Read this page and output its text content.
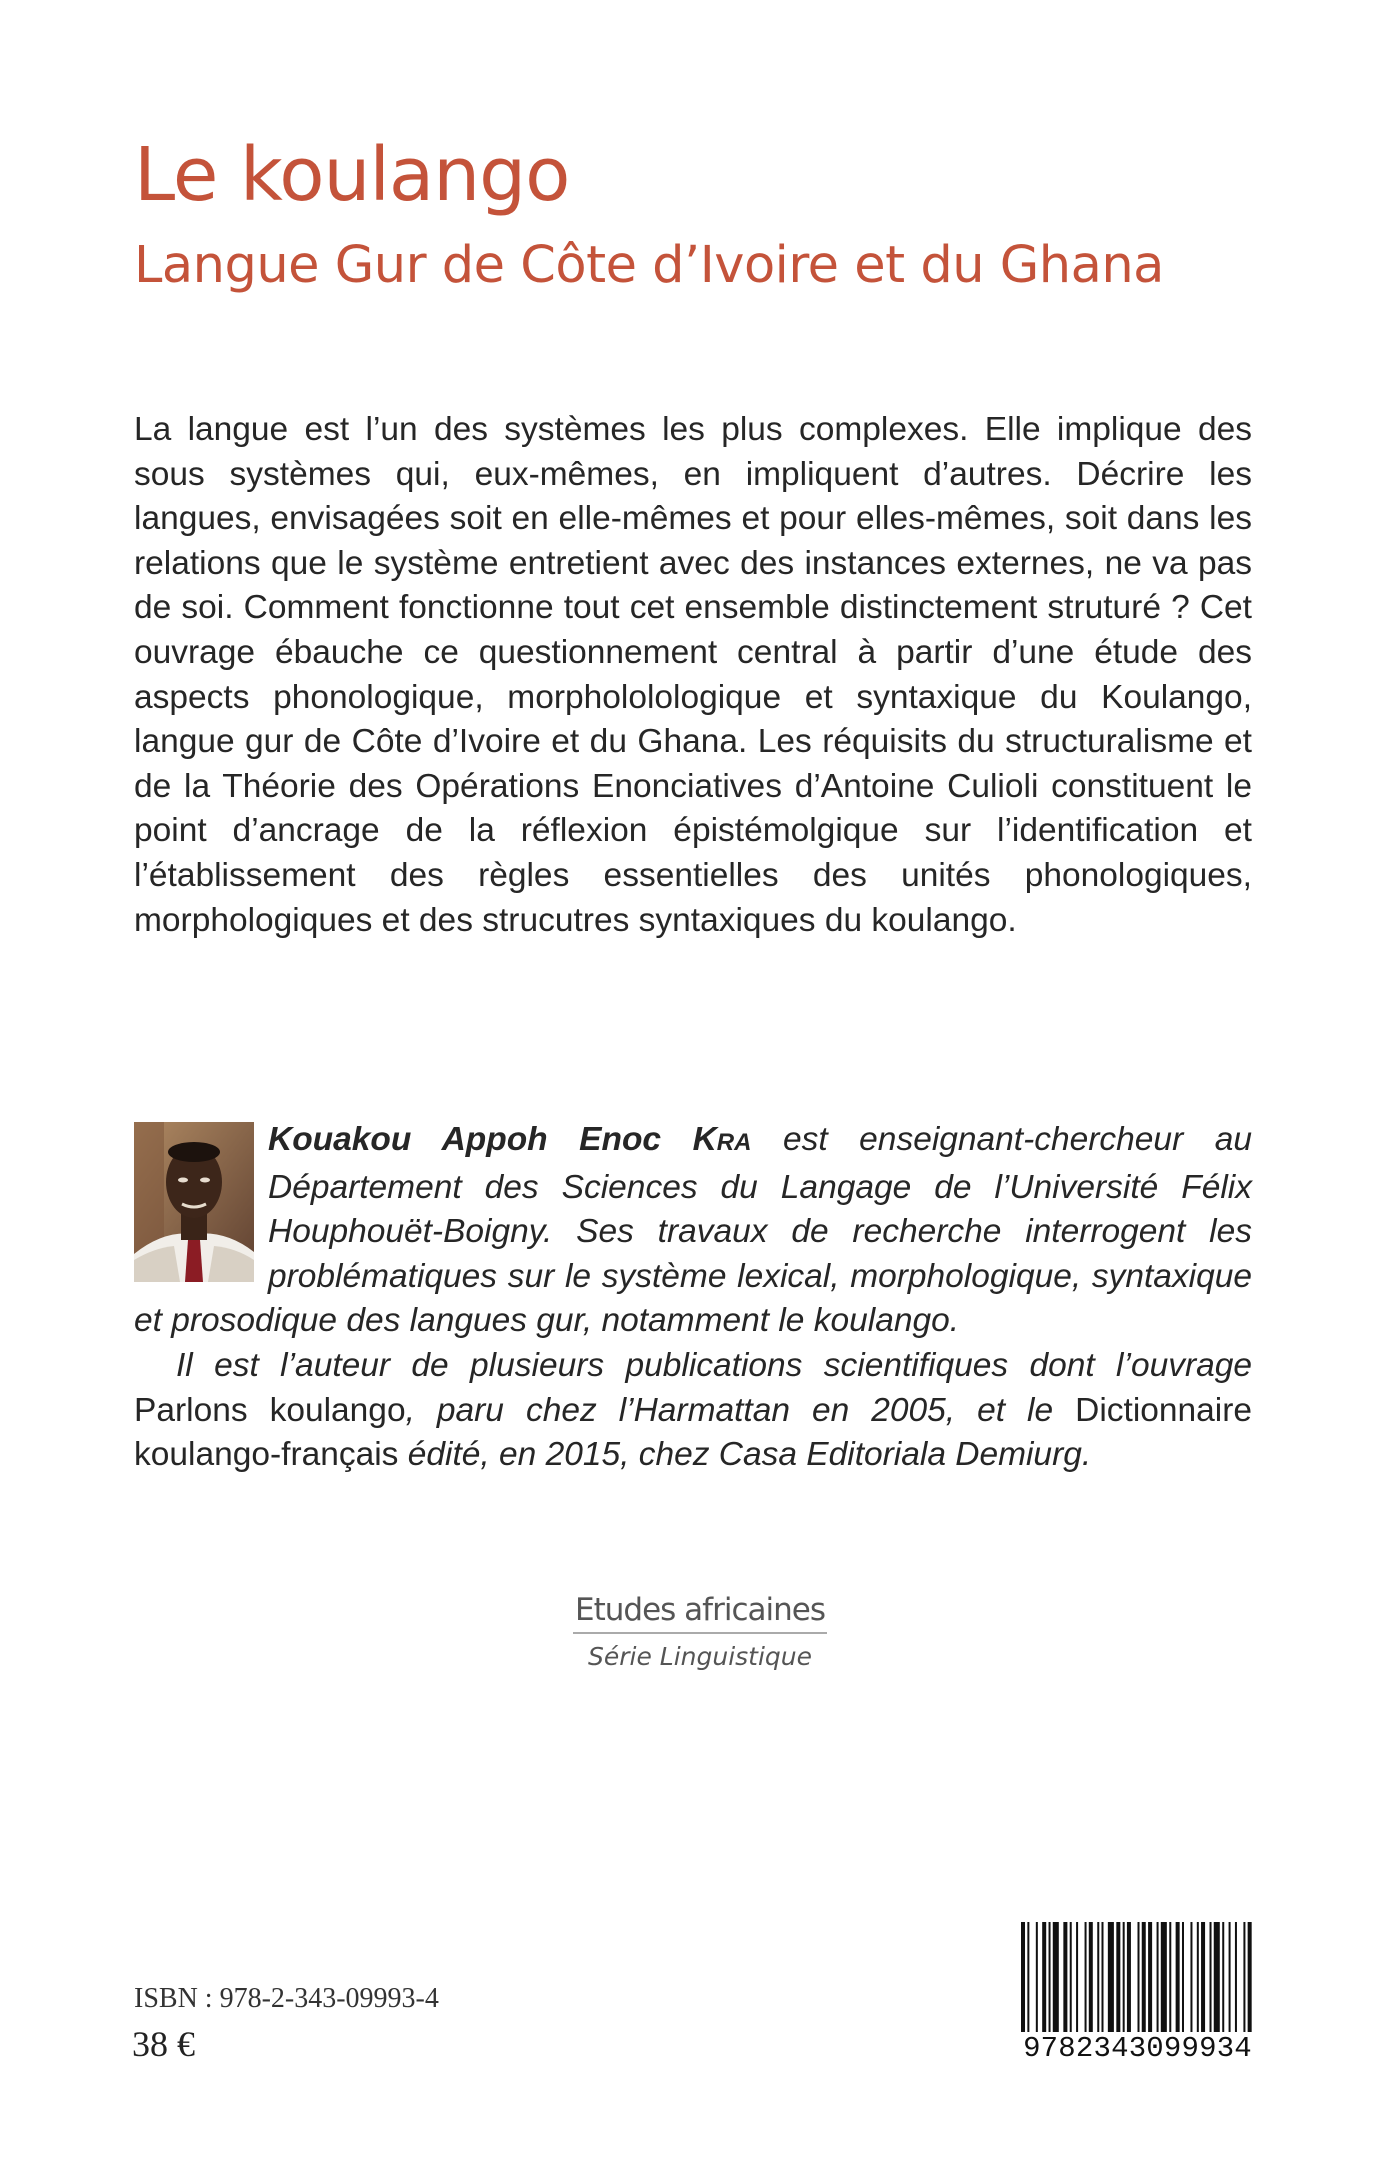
Le koulango
Langue Gur de Côte d’Ivoire et du Ghana

La langue est l’un des systèmes les plus complexes. Elle implique des sous systèmes qui, eux-mêmes, en impliquent d’autres. Décrire les langues, envisagées soit en elle-mêmes et pour elles-mêmes, soit dans les relations que le système entretient avec des instances externes, ne va pas de soi. Comment fonctionne tout cet ensemble distinctement struturé ? Cet ouvrage ébauche ce questionnement central à partir d’une étude des aspects phonologique, morphololologique et syntaxique du Koulango, langue gur de Côte d’Ivoire et du Ghana. Les réquisits du structuralisme et de la Théorie des Opérations Enonciatives d’Antoine Culioli constituent le point d’ancrage de la réflexion épistémolgique sur l’identification et l’établissement des règles essentielles des unités phonologiques, morphologiques et des strucutres syntaxiques du koulango.

Kouakou Appoh Enoc KRA est enseignant-chercheur au Département des Sciences du Langage de l’Université Félix Houphouët-Boigny. Ses travaux de recherche interrogent les problématiques sur le système lexical, morphologique, syntaxique et prosodique des langues gur, notamment le koulango.

Il est l’auteur de plusieurs publications scientifiques dont l’ouvrage Parlons koulango, paru chez l’Harmattan en 2005, et le Dictionnaire koulango-français édité, en 2015, chez Casa Editoriala Demiurg.

Etudes africaines
Série Linguistique

ISBN : 978-2-343-09993-4

38 €	9782343099934
